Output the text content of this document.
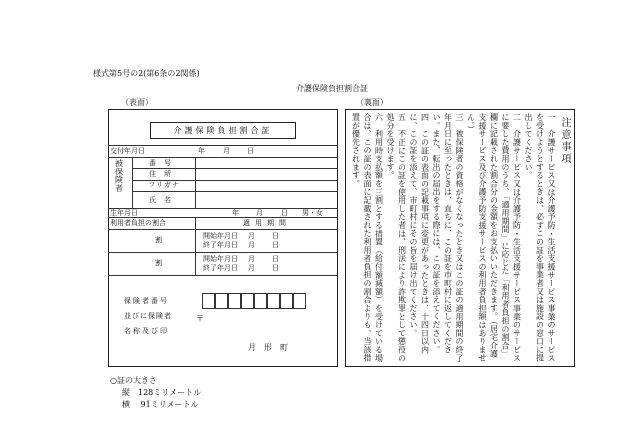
様式第5号の2(第6条の2関係)
介護保険負担割合証
（表面）
介護保険負担割合証
交付年月日	年	月 日
被保険者	番号
住所
フリガナ
氏名
生年月日	年 月	日 男・女
利用者負担の割合	適用期間
割	開始年月日 月 日
終了年月日 月 日
割	開始年月日 月 日
終了年月日 月 日
保険者番号
並びに保険者
名称及び印
〒
月　形　町
（裏面）
注意事項
一　介護サービス又は介護予防・生活支援サービス事業のサービスを受けようとするときは、必ずこの証を事業者又は施設の窓口に提出してください。
二　介護サービス又は介護予防・生活支援サービス事業のサービスに要した費用のうち、「適用期間」に応じた「利用者負担の割合」欄に記載された割合分の金額をお支払いいただきます。（居宅介護支援サービス及び介護予防支援サービスの利用者負担額はありません。）
三　被保険者の資格がなくなったとき又はこの証の適用期間の終了年月日に至ったときは、直ちに、この証を市町村に返してください。また、転出の届出をする際には、この証を添えてください。
四　この証の表面の記載事項に変更があったときは、十四日以内に、この証を添えて、市町村にその旨を届け出てください。
五　不正にこの証を使用した者は、刑法により詐欺罪として懲役の処分を受けます。
六　利用時支払額を三割とする措置（給付額減額）を受けている場合は、この証の表面に記載された利用者負担の割合よりも、当該措置が優先されます。
○証の大きさ
縦　128ミリメートル
横　 91ミリメートル
